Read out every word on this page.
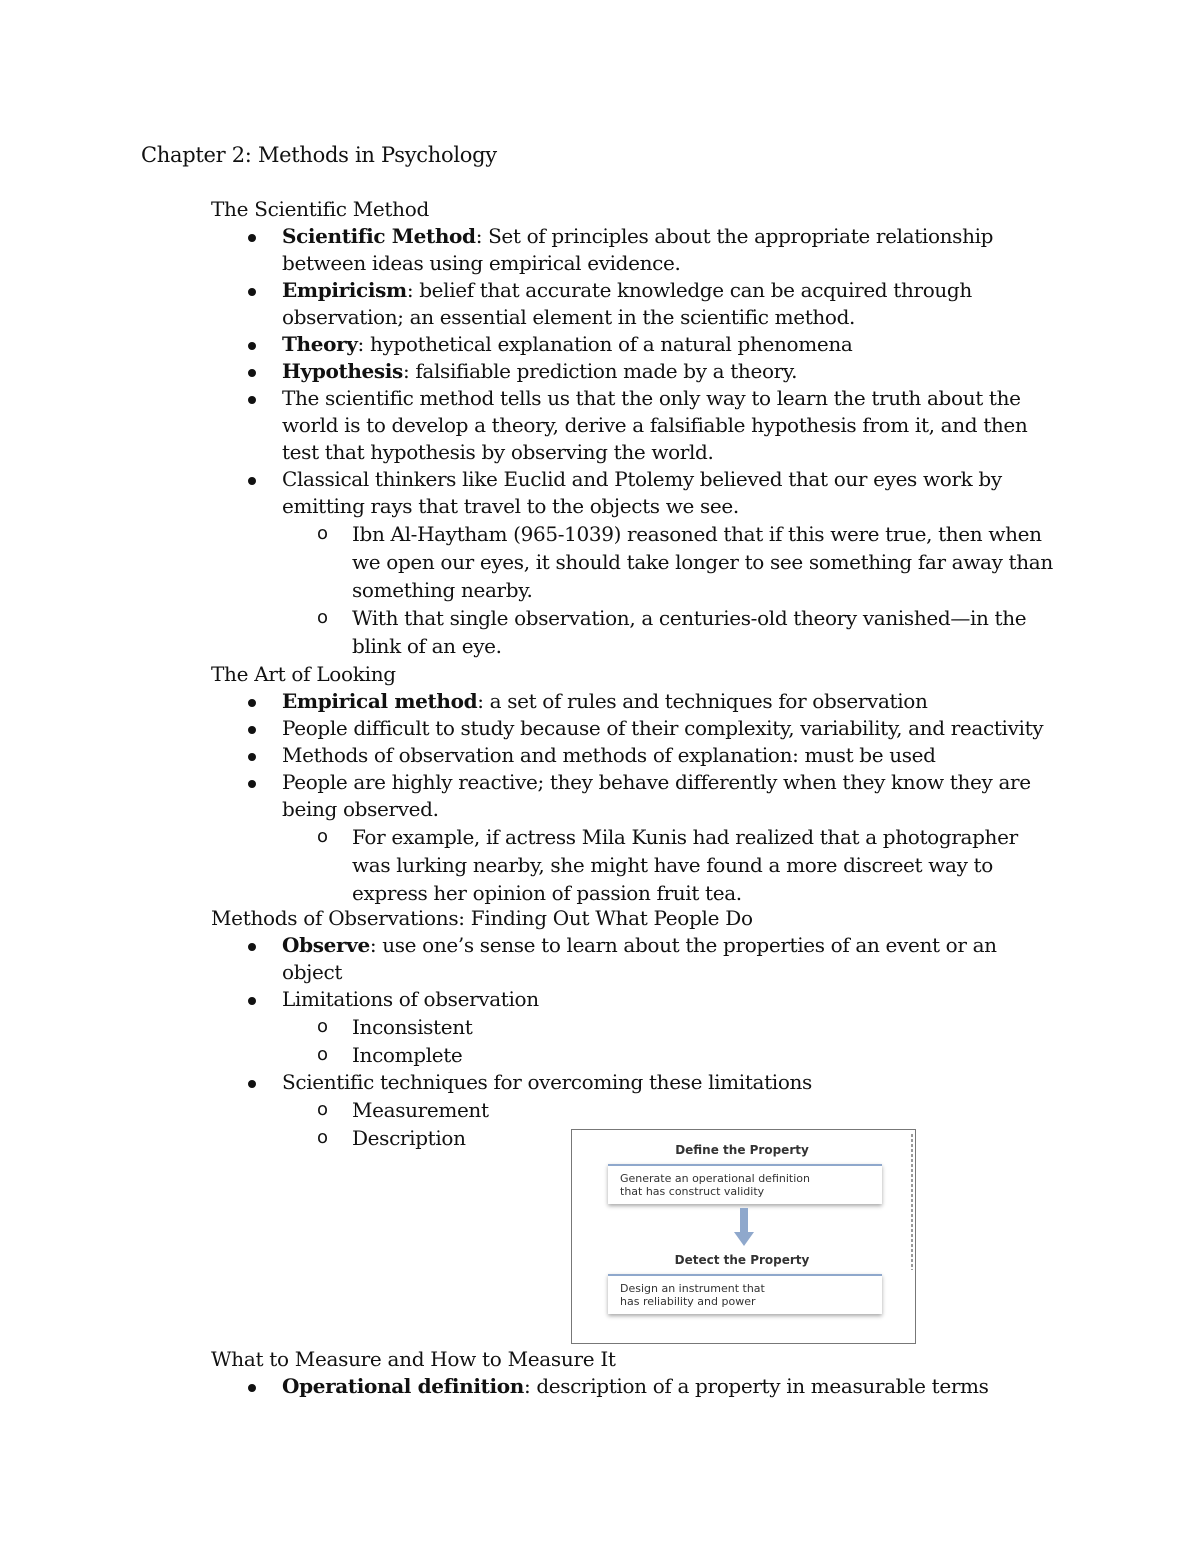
Chapter 2: Methods in Psychology
The Scientific Method
Scientific Method: Set of principles about the appropriate relationship between ideas using empirical evidence.
Empiricism: belief that accurate knowledge can be acquired through observation; an essential element in the scientific method.
Theory: hypothetical explanation of a natural phenomena
Hypothesis: falsifiable prediction made by a theory.
The scientific method tells us that the only way to learn the truth about the world is to develop a theory, derive a falsifiable hypothesis from it, and then test that hypothesis by observing the world.
Classical thinkers like Euclid and Ptolemy believed that our eyes work by emitting rays that travel to the objects we see.
o Ibn Al-Haytham (965-1039) reasoned that if this were true, then when we open our eyes, it should take longer to see something far away than something nearby.
o With that single observation, a centuries-old theory vanished—in the blink of an eye.
The Art of Looking
Empirical method: a set of rules and techniques for observation
People difficult to study because of their complexity, variability, and reactivity
Methods of observation and methods of explanation: must be used
People are highly reactive; they behave differently when they know they are being observed.
o For example, if actress Mila Kunis had realized that a photographer was lurking nearby, she might have found a more discreet way to express her opinion of passion fruit tea.
Methods of Observations: Finding Out What People Do
Observe: use one’s sense to learn about the properties of an event or an object
Limitations of observation
o Inconsistent
o Incomplete
Scientific techniques for overcoming these limitations
o Measurement
o Description
What to Measure and How to Measure It
Operational definition: description of a property in measurable terms
Define the Property
Generate an operational definition
that has construct validity
Detect the Property
Design an instrument that
has reliability and power
